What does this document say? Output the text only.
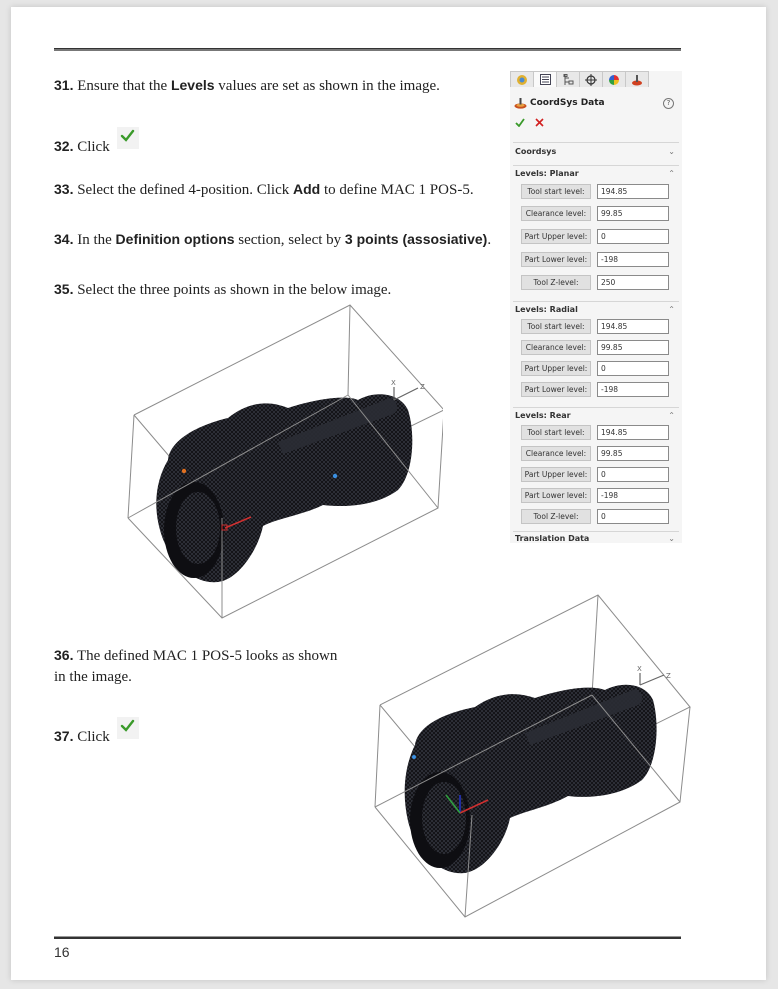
31. Ensure that the Levels values are set as shown in the image.
32. Click
33. Select the defined 4-position. Click Add to define MAC 1 POS-5.
34. In the Definition options section, select by 3 points (assosiative).
35. Select the three points as shown in the below image.
36. The defined MAC 1 POS-5 looks as shown
in the image.
37. Click
CoordSys Data	?
Coordsys	⌄
Levels: Planar	⌃
Tool start level:	194.85
Clearance level:	99.85
Part Upper level:	0
Part Lower level:	-198
Tool Z-level:	250
Levels: Radial	⌃
Tool start level:	194.85
Clearance level:	99.85
Part Upper level:	0
Part Lower level:	-198
Levels: Rear	⌃
Tool start level:	194.85
Clearance level:	99.85
Part Upper level:	0
Part Lower level:	-198
Tool Z-level:	0
Translation Data	⌄
X	Z
X
Z
16
